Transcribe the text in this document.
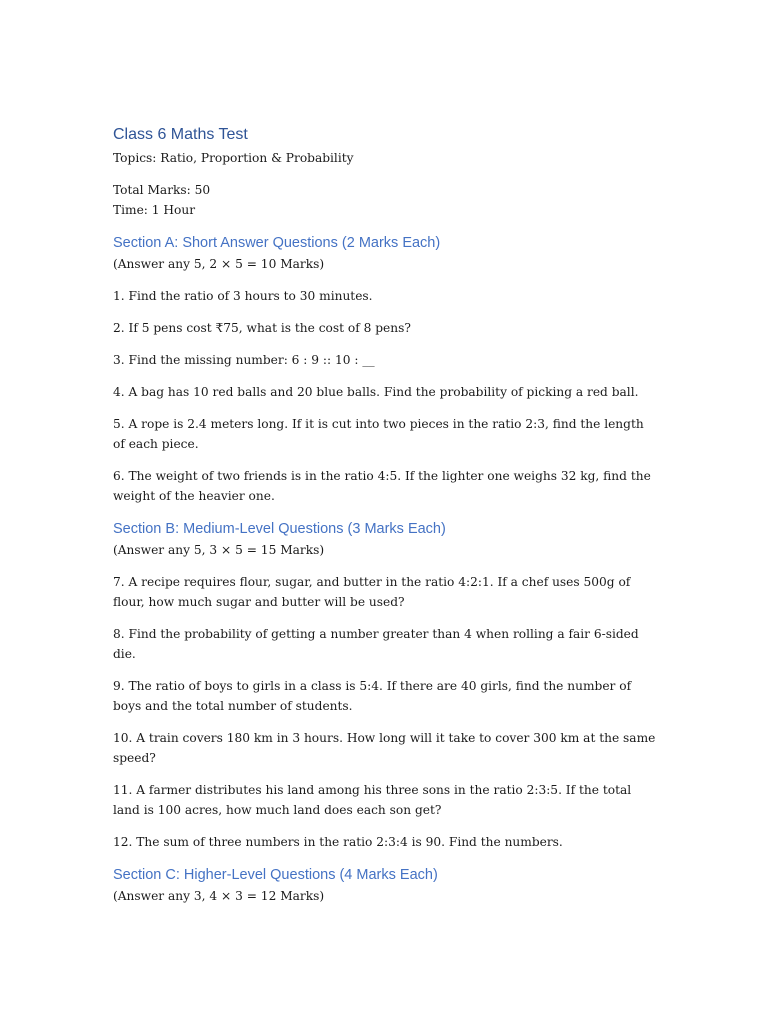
Class 6 Maths Test

Topics: Ratio, Proportion & Probability

Total Marks: 50

Time: 1 Hour

Section A: Short Answer Questions (2 Marks Each)

(Answer any 5, 2 × 5 = 10 Marks)

1. Find the ratio of 3 hours to 30 minutes.

2. If 5 pens cost ₹75, what is the cost of 8 pens?

3. Find the missing number: 6 : 9 :: 10 : __

4. A bag has 10 red balls and 20 blue balls. Find the probability of picking a red ball.

5. A rope is 2.4 meters long. If it is cut into two pieces in the ratio 2:3, find the length of each piece.

6. The weight of two friends is in the ratio 4:5. If the lighter one weighs 32 kg, find the weight of the heavier one.

Section B: Medium-Level Questions (3 Marks Each)

(Answer any 5, 3 × 5 = 15 Marks)

7. A recipe requires flour, sugar, and butter in the ratio 4:2:1. If a chef uses 500g of flour, how much sugar and butter will be used?

8. Find the probability of getting a number greater than 4 when rolling a fair 6-sided die.

9. The ratio of boys to girls in a class is 5:4. If there are 40 girls, find the number of boys and the total number of students.

10. A train covers 180 km in 3 hours. How long will it take to cover 300 km at the same speed?

11. A farmer distributes his land among his three sons in the ratio 2:3:5. If the total land is 100 acres, how much land does each son get?

12. The sum of three numbers in the ratio 2:3:4 is 90. Find the numbers.

Section C: Higher-Level Questions (4 Marks Each)

(Answer any 3, 4 × 3 = 12 Marks)
